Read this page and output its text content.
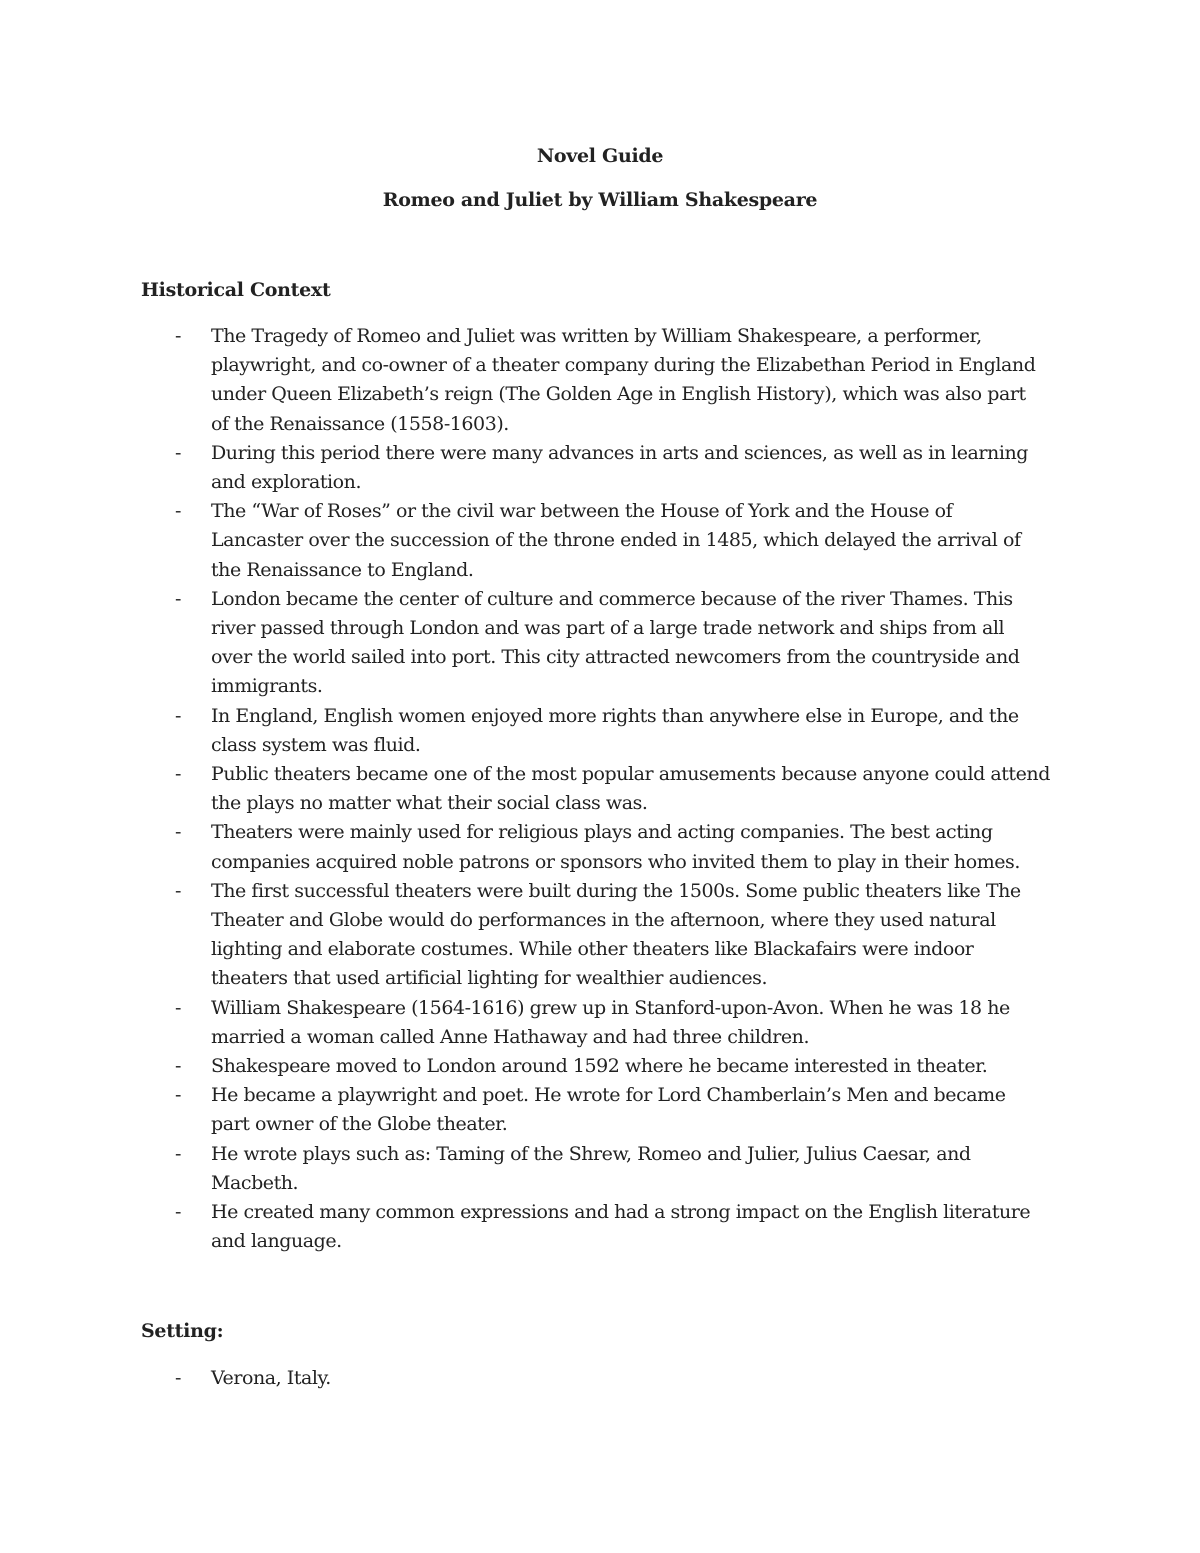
Novel Guide
Romeo and Juliet by William Shakespeare
Historical Context
- The Tragedy of Romeo and Juliet was written by William Shakespeare, a performer,
playwright, and co-owner of a theater company during the Elizabethan Period in England
under Queen Elizabeth’s reign (The Golden Age in English History), which was also part
of the Renaissance (1558-1603).
- During this period there were many advances in arts and sciences, as well as in learning
and exploration.
- The “War of Roses” or the civil war between the House of York and the House of
Lancaster over the succession of the throne ended in 1485, which delayed the arrival of
the Renaissance to England.
- London became the center of culture and commerce because of the river Thames. This
river passed through London and was part of a large trade network and ships from all
over the world sailed into port. This city attracted newcomers from the countryside and
immigrants.
- In England, English women enjoyed more rights than anywhere else in Europe, and the
class system was fluid.
- Public theaters became one of the most popular amusements because anyone could attend
the plays no matter what their social class was.
- Theaters were mainly used for religious plays and acting companies. The best acting
companies acquired noble patrons or sponsors who invited them to play in their homes.
- The first successful theaters were built during the 1500s. Some public theaters like The
Theater and Globe would do performances in the afternoon, where they used natural
lighting and elaborate costumes. While other theaters like Blackafairs were indoor
theaters that used artificial lighting for wealthier audiences.
- William Shakespeare (1564-1616) grew up in Stanford-upon-Avon. When he was 18 he
married a woman called Anne Hathaway and had three children.
- Shakespeare moved to London around 1592 where he became interested in theater.
- He became a playwright and poet. He wrote for Lord Chamberlain’s Men and became
part owner of the Globe theater.
- He wrote plays such as: Taming of the Shrew, Romeo and Julier, Julius Caesar, and
Macbeth.
- He created many common expressions and had a strong impact on the English literature
and language.
Setting:
- Verona, Italy.
